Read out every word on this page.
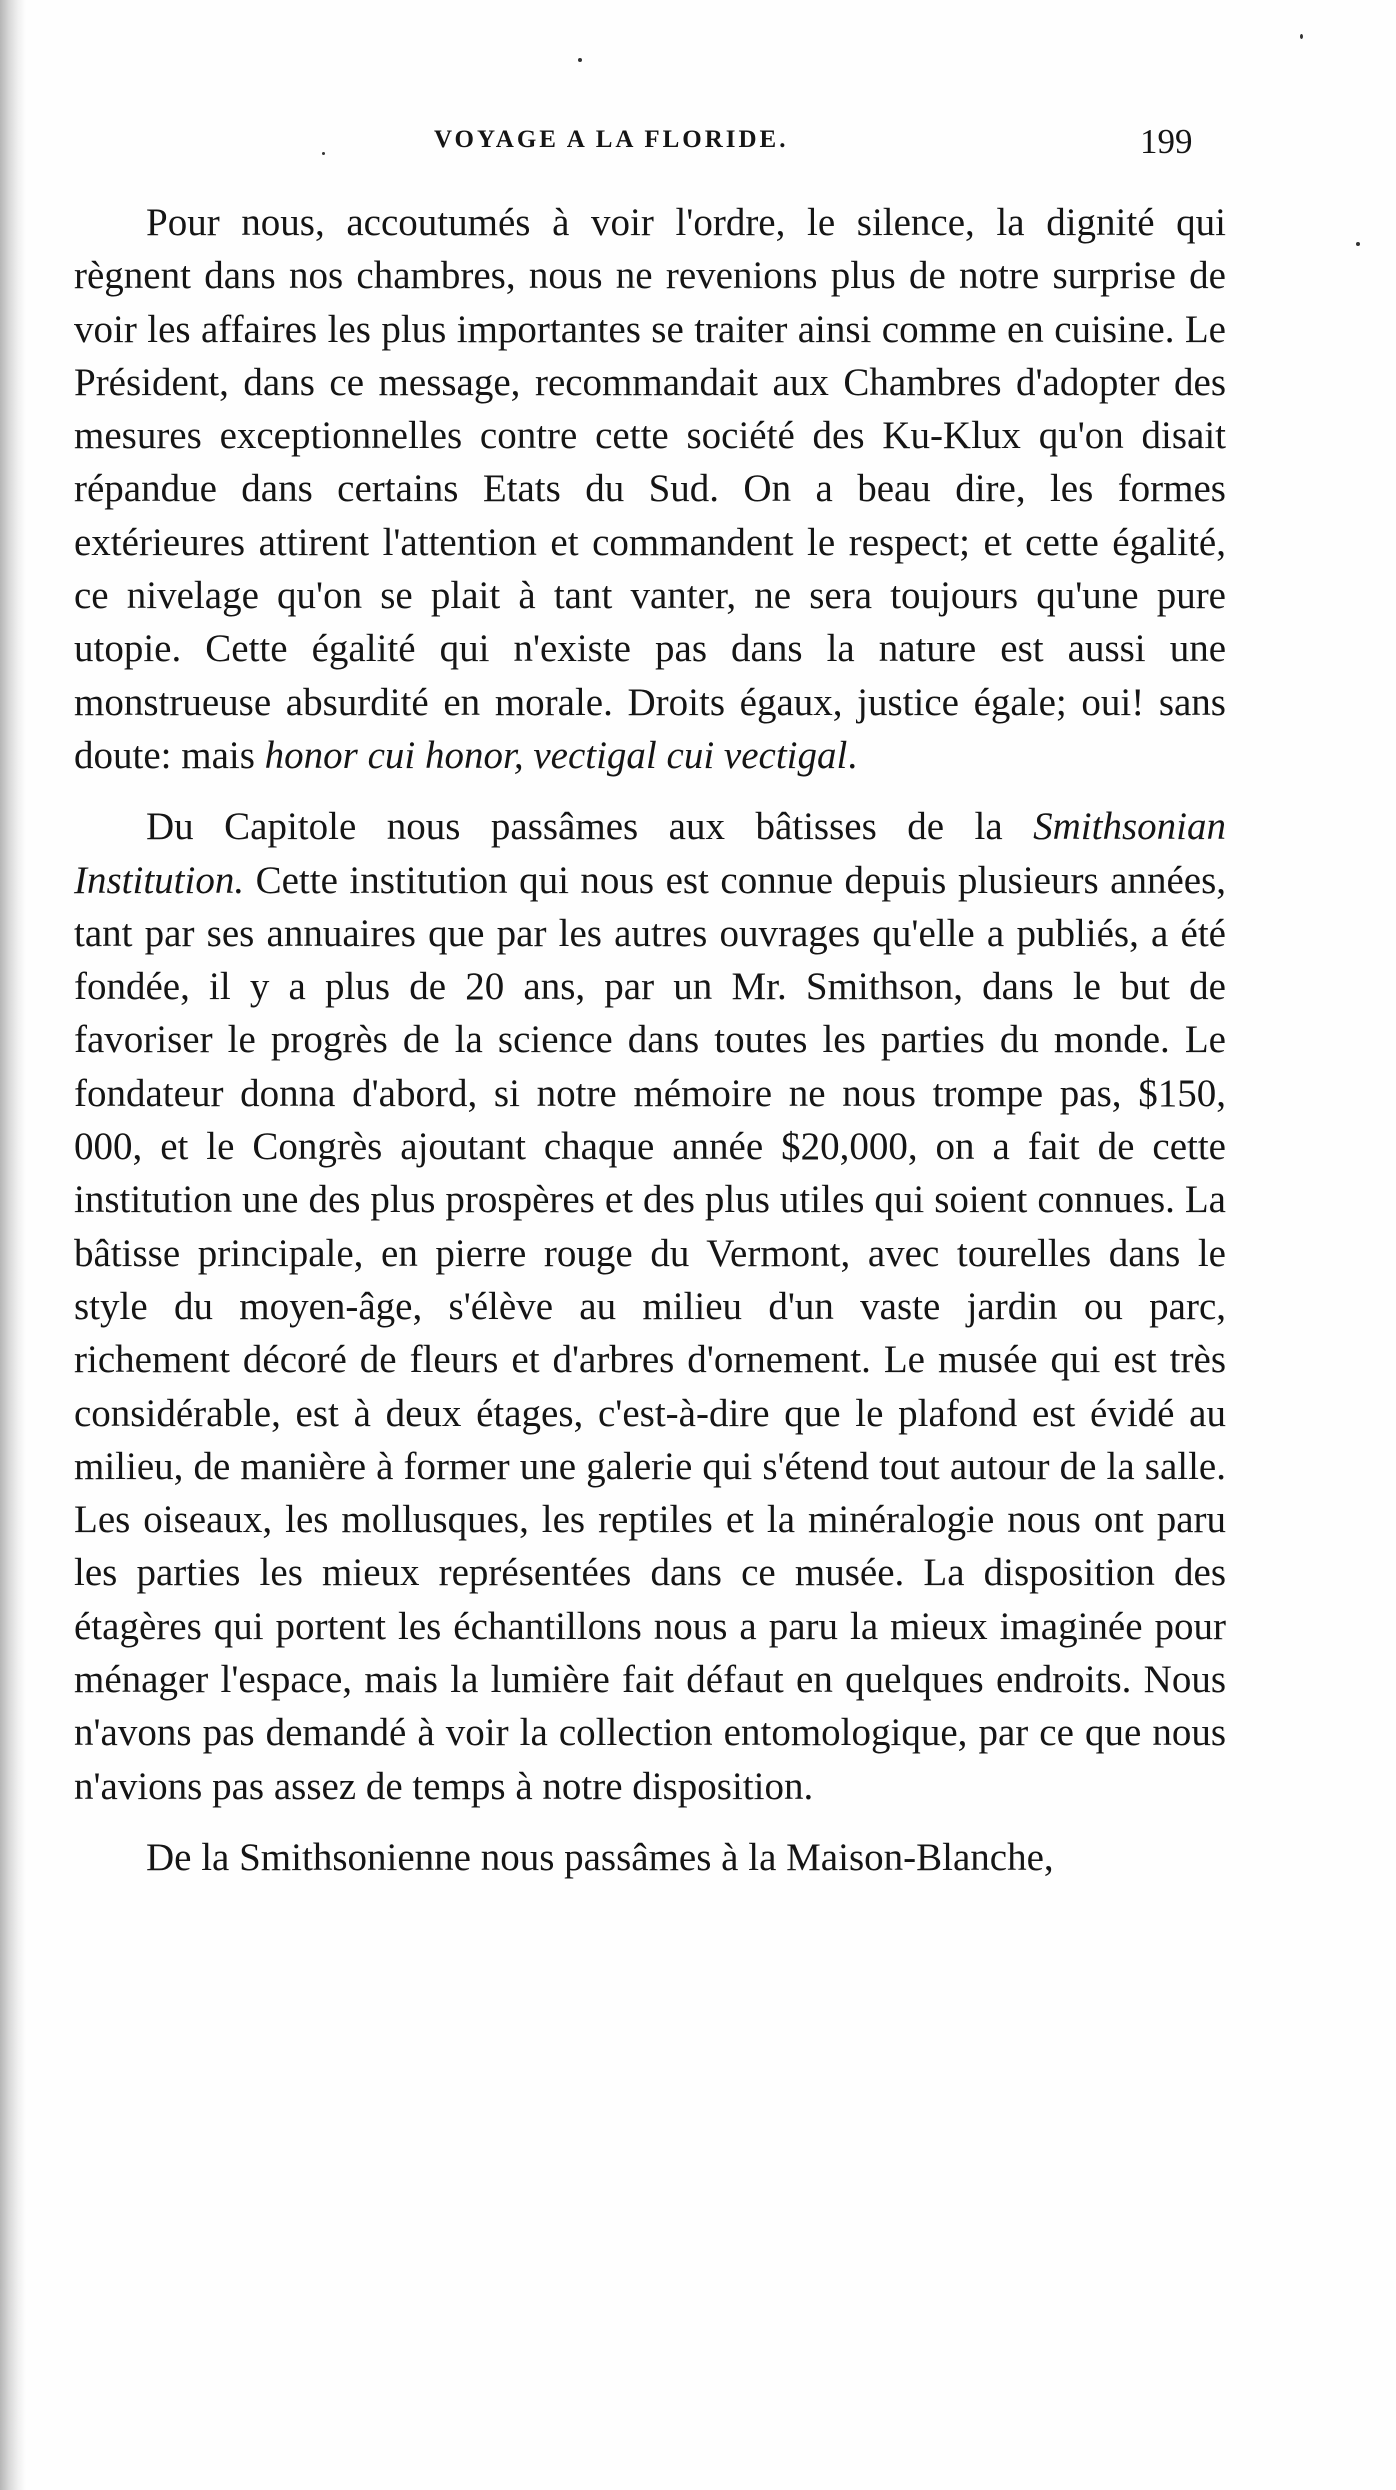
VOYAGE A LA FLORIDE.	199

Pour nous, accoutumés à voir l'ordre, le silence, la dignité qui règnent dans nos chambres, nous ne revenions plus de notre surprise de voir les affaires les plus importantes se traiter ainsi comme en cuisine. Le Président, dans ce message, recommandait aux Chambres d'adopter des mesures exceptionnelles contre cette société des Ku-Klux qu'on disait répandue dans certains Etats du Sud. On a beau dire, les formes extérieures attirent l'attention et commandent le respect; et cette égalité, ce nivelage qu'on se plait à tant vanter, ne sera toujours qu'une pure utopie. Cette égalité qui n'existe pas dans la nature est aussi une monstrueuse absurdité en morale. Droits égaux, justice égale; oui! sans doute: mais honor cui honor, vectigal cui vectigal.

Du Capitole nous passâmes aux bâtisses de la Smithsonian Institution. Cette institution qui nous est connue depuis plusieurs années, tant par ses annuaires que par les autres ouvrages qu'elle a publiés, a été fondée, il y a plus de 20 ans, par un Mr. Smithson, dans le but de favoriser le progrès de la science dans toutes les parties du monde. Le fondateur donna d'abord, si notre mémoire ne nous trompe pas, $150, 000, et le Congrès ajoutant chaque année $20,000, on a fait de cette institution une des plus prospères et des plus utiles qui soient connues. La bâtisse principale, en pierre rouge du Vermont, avec tourelles dans le style du moyen-âge, s'élève au milieu d'un vaste jardin ou parc, richement décoré de fleurs et d'arbres d'ornement. Le musée qui est très considérable, est à deux étages, c'est-à-dire que le plafond est évidé au milieu, de manière à former une galerie qui s'étend tout autour de la salle. Les oiseaux, les mollusques, les reptiles et la minéralogie nous ont paru les parties les mieux représentées dans ce musée. La disposition des étagères qui portent les échantillons nous a paru la mieux imaginée pour ménager l'espace, mais la lumière fait défaut en quelques endroits. Nous n'avons pas demandé à voir la collection entomologique, par ce que nous n'avions pas assez de temps à notre disposition.

De la Smithsonienne nous passâmes à la Maison-Blanche,
